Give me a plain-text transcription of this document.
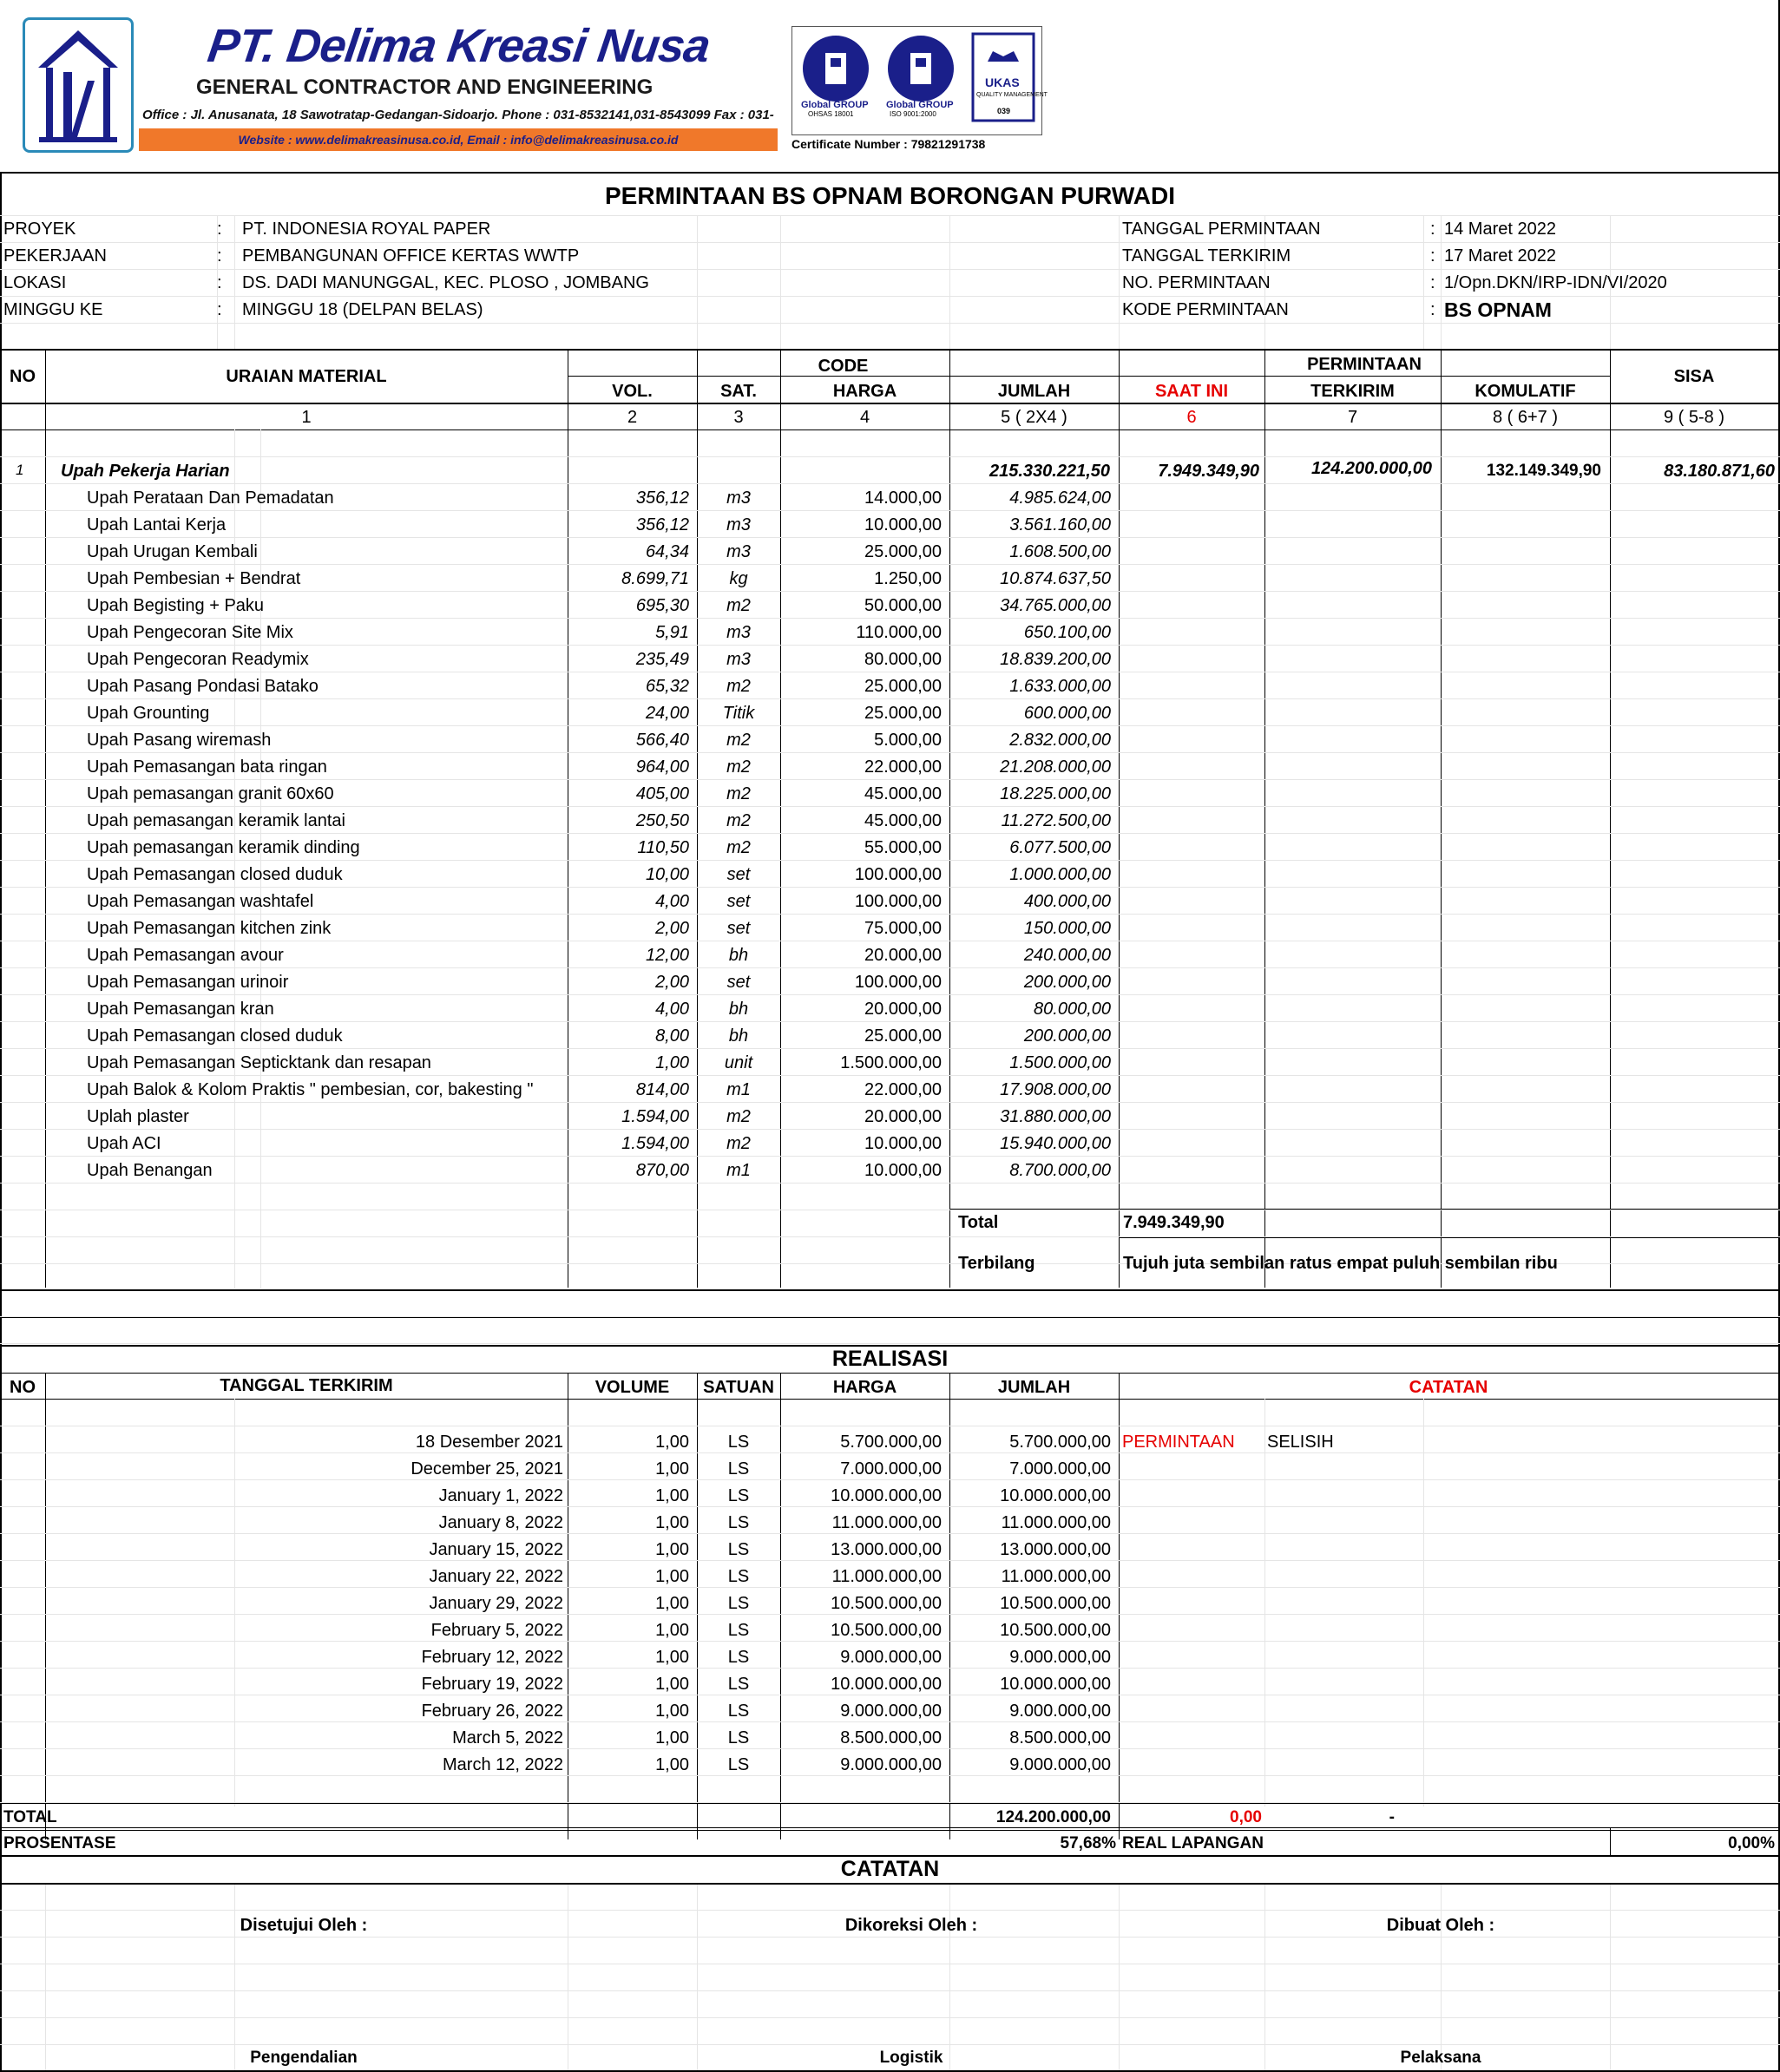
PT. Delima Kreasi Nusa
GENERAL CONTRACTOR AND ENGINEERING
Office : Jl. Anusanata, 18 Sawotratap-Gedangan-Sidoarjo. Phone : 031-8532141,031-8543099 Fax : 031-
Website : www.delimakreasinusa.co.id, Email : info@delimakreasinusa.co.id
Global GROUP
OHSAS 18001
Global GROUP
ISO 9001:2000
UKAS
QUALITY MANAGEMENT
039
Certificate Number : 79821291738
PERMINTAAN BS OPNAM BORONGAN PURWADI
PROYEK	: PT. INDONESIA ROYAL PAPER
PEKERJAAN	: PEMBANGUNAN OFFICE KERTAS WWTP
LOKASI	: DS. DADI MANUNGGAL, KEC. PLOSO , JOMBANG
MINGGU KE	: MINGGU 18 (DELPAN BELAS)
TANGGAL PERMINTAAN	: 14 Maret 2022
TANGGAL TERKIRIM	: 17 Maret 2022
NO. PERMINTAAN	: 1/Opn.DKN/IRP-IDN/VI/2020
KODE PERMINTAAN	: BS OPNAM
NO	URAIAN MATERIAL
CODE
VOL.	SAT.	HARGA	JUMLAH
PERMINTAAN
SAAT INI	TERKIRIM	KOMULATIF
SISA
1	2	3	4	5 ( 2X4 )	6	7	8 ( 6+7 )	9 ( 5-8 )
1 Upah Pekerja Harian	215.330.221,50	7.949.349,90	124.200.000,00	132.149.349,90	83.180.871,60
Upah Perataan Dan Pemadatan	356,12	m3	14.000,00	4.985.624,00
Upah Lantai Kerja	356,12	m3	10.000,00	3.561.160,00
Upah Urugan Kembali	64,34	m3	25.000,00	1.608.500,00
Upah Pembesian + Bendrat	8.699,71	kg	1.250,00	10.874.637,50
Upah Begisting + Paku	695,30	m2	50.000,00	34.765.000,00
Upah Pengecoran Site Mix	5,91	m3	110.000,00	650.100,00
Upah Pengecoran Readymix	235,49	m3	80.000,00	18.839.200,00
Upah Pasang Pondasi Batako	65,32	m2	25.000,00	1.633.000,00
Upah Grounting	24,00	Titik	25.000,00	600.000,00
Upah Pasang wiremash	566,40	m2	5.000,00	2.832.000,00
Upah Pemasangan bata ringan	964,00	m2	22.000,00	21.208.000,00
Upah pemasangan granit 60x60	405,00	m2	45.000,00	18.225.000,00
Upah pemasangan keramik lantai	250,50	m2	45.000,00	11.272.500,00
Upah pemasangan keramik dinding	110,50	m2	55.000,00	6.077.500,00
Upah Pemasangan closed duduk	10,00	set	100.000,00	1.000.000,00
Upah Pemasangan washtafel	4,00	set	100.000,00	400.000,00
Upah Pemasangan kitchen zink	2,00	set	75.000,00	150.000,00
Upah Pemasangan avour	12,00	bh	20.000,00	240.000,00
Upah Pemasangan urinoir	2,00	set	100.000,00	200.000,00
Upah Pemasangan kran	4,00	bh	20.000,00	80.000,00
Upah Pemasangan closed duduk	8,00	bh	25.000,00	200.000,00
Upah Pemasangan Septicktank dan resapan	1,00	unit	1.500.000,00	1.500.000,00
Upah Balok & Kolom Praktis " pembesian, cor, bakesting "	814,00	m1	22.000,00	17.908.000,00
Uplah plaster	1.594,00	m2	20.000,00	31.880.000,00
Upah ACI	1.594,00	m2	10.000,00	15.940.000,00
Upah Benangan	870,00	m1	10.000,00	8.700.000,00
Total	7.949.349,90
Terbilang	Tujuh juta sembilan ratus empat puluh sembilan ribu
REALISASI
NO	TANGGAL TERKIRIM	VOLUME	SATUAN	HARGA	JUMLAH	CATATAN
PERMINTAAN SELISIH
18 Desember 2021	1,00	LS	5.700.000,00	5.700.000,00
December 25, 2021	1,00	LS	7.000.000,00	7.000.000,00
January 1, 2022	1,00	LS	10.000.000,00	10.000.000,00
January 8, 2022	1,00	LS	11.000.000,00	11.000.000,00
January 15, 2022	1,00	LS	13.000.000,00	13.000.000,00
January 22, 2022	1,00	LS	11.000.000,00	11.000.000,00
January 29, 2022	1,00	LS	10.500.000,00	10.500.000,00
February 5, 2022	1,00	LS	10.500.000,00	10.500.000,00
February 12, 2022	1,00	LS	9.000.000,00	9.000.000,00
February 19, 2022	1,00	LS	10.000.000,00	10.000.000,00
February 26, 2022	1,00	LS	9.000.000,00	9.000.000,00
March 5, 2022	1,00	LS	8.500.000,00	8.500.000,00
March 12, 2022	1,00	LS	9.000.000,00	9.000.000,00
TOTAL	124.200.000,00	0,00	-
PROSENTASE	57,68% REAL LAPANGAN	0,00%
CATATAN
Disetujui Oleh :
Pengendalian
Dikoreksi Oleh :
Logistik
Dibuat Oleh :
Pelaksana
